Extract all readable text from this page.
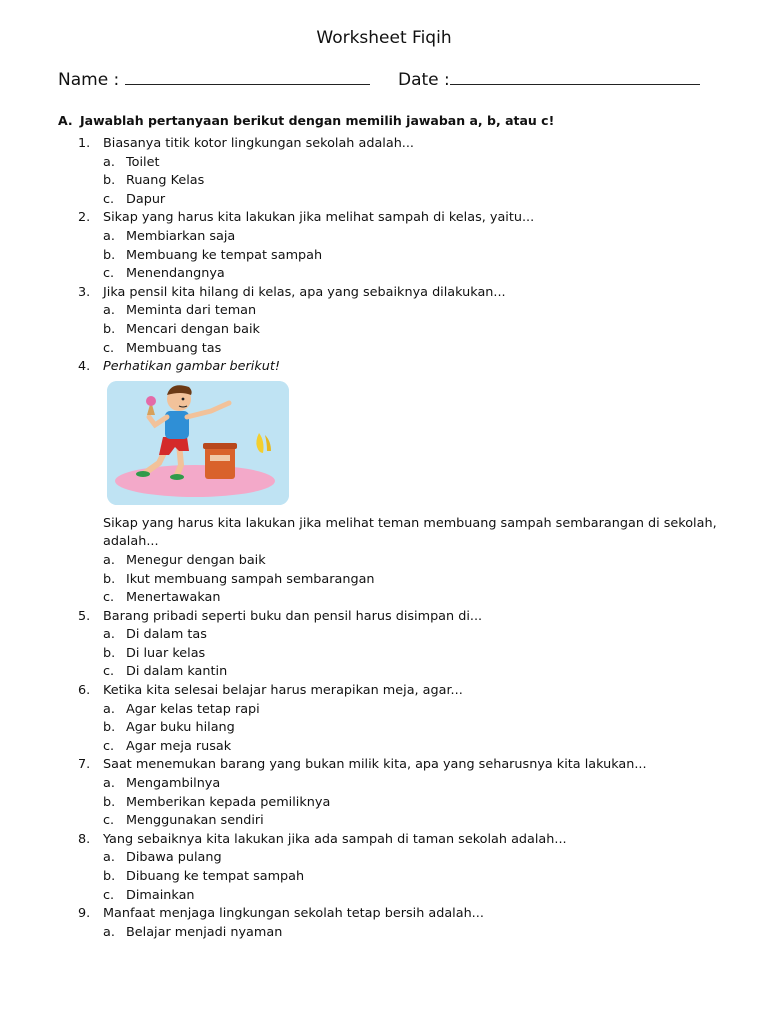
Worksheet Fiqih
Name :	Date :
A. Jawablah pertanyaan berikut dengan memilih jawaban a, b, atau c!
1. Biasanya titik kotor lingkungan sekolah adalah...
a. Toilet
b. Ruang Kelas
c. Dapur
2. Sikap yang harus kita lakukan jika melihat sampah di kelas, yaitu...
a. Membiarkan saja
b. Membuang ke tempat sampah
c. Menendangnya
3. Jika pensil kita hilang di kelas, apa yang sebaiknya dilakukan...
a. Meminta dari teman
b. Mencari dengan baik
c. Membuang tas
4. Perhatikan gambar berikut!
Sikap yang harus kita lakukan jika melihat teman membuang sampah sembarangan di sekolah, adalah...
a. Menegur dengan baik
b. Ikut membuang sampah sembarangan
c. Menertawakan
5. Barang pribadi seperti buku dan pensil harus disimpan di...
a. Di dalam tas
b. Di luar kelas
c. Di dalam kantin
6. Ketika kita selesai belajar harus merapikan meja, agar...
a. Agar kelas tetap rapi
b. Agar buku hilang
c. Agar meja rusak
7. Saat menemukan barang yang bukan milik kita, apa yang seharusnya kita lakukan...
a. Mengambilnya
b. Memberikan kepada pemiliknya
c. Menggunakan sendiri
8. Yang sebaiknya kita lakukan jika ada sampah di taman sekolah adalah...
a. Dibawa pulang
b. Dibuang ke tempat sampah
c. Dimainkan
9. Manfaat menjaga lingkungan sekolah tetap bersih adalah...
a. Belajar menjadi nyaman
